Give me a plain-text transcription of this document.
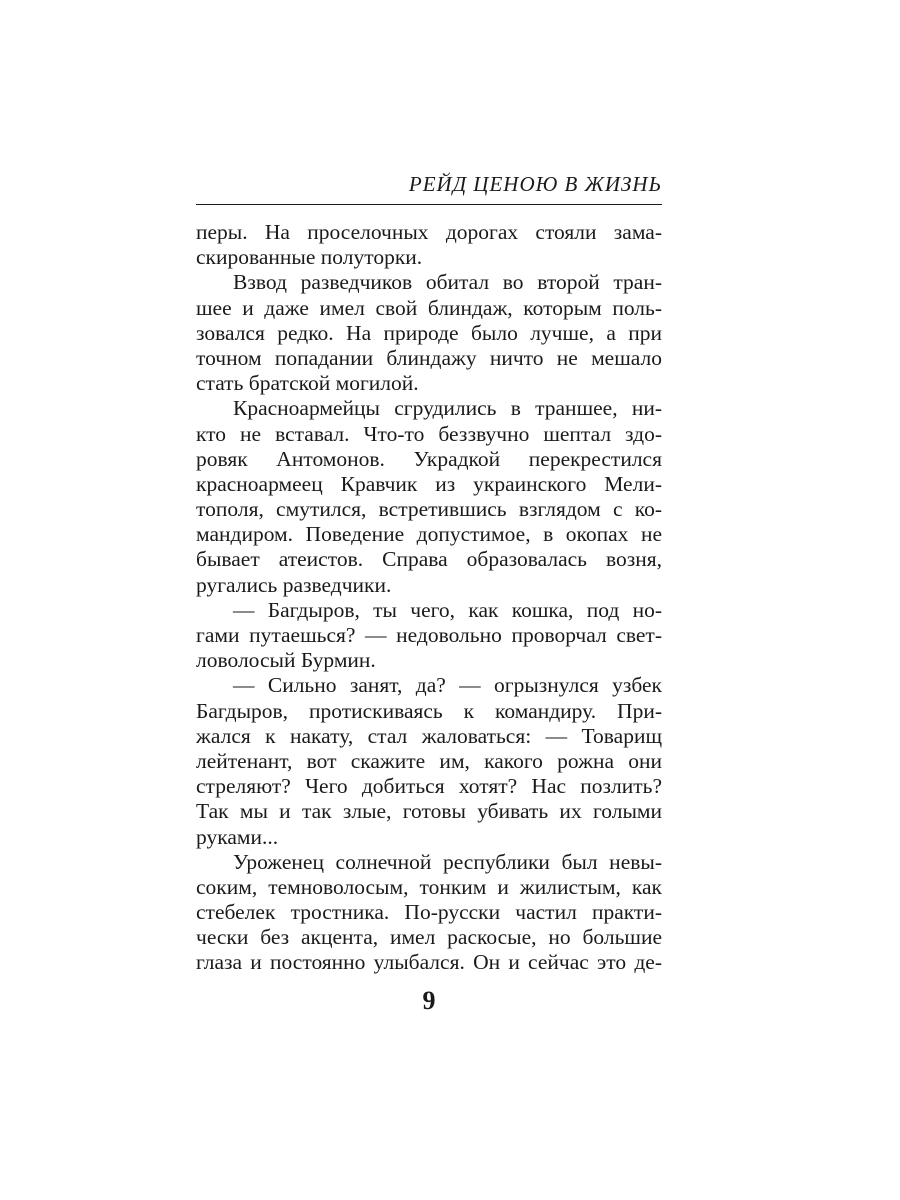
РЕЙД ЦЕНОЮ В ЖИЗНЬ
перы. На проселочных дорогах стояли зама-
скированные полуторки.
Взвод разведчиков обитал во второй тран-
шее и даже имел свой блиндаж, которым поль-
зовался редко. На природе было лучше, а при
точном попадании блиндажу ничто не мешало
стать братской могилой.
Красноармейцы сгрудились в траншее, ни-
кто не вставал. Что-то беззвучно шептал здо-
ровяк Антомонов. Украдкой перекрестился
красноармеец Кравчик из украинского Мели-
тополя, смутился, встретившись взглядом с ко-
мандиром. Поведение допустимое, в окопах не
бывает атеистов. Справа образовалась возня,
ругались разведчики.
— Багдыров, ты чего, как кошка, под но-
гами путаешься? — недовольно проворчал свет-
ловолосый Бурмин.
— Сильно занят, да? — огрызнулся узбек
Багдыров, протискиваясь к командиру. При-
жался к накату, стал жаловаться: — Товарищ
лейтенант, вот скажите им, какого рожна они
стреляют? Чего добиться хотят? Нас позлить?
Так мы и так злые, готовы убивать их голыми
руками...
Уроженец солнечной республики был невы-
соким, темноволосым, тонким и жилистым, как
стебелек тростника. По-русски частил практи-
чески без акцента, имел раскосые, но большие
глаза и постоянно улыбался. Он и сейчас это де-
9
